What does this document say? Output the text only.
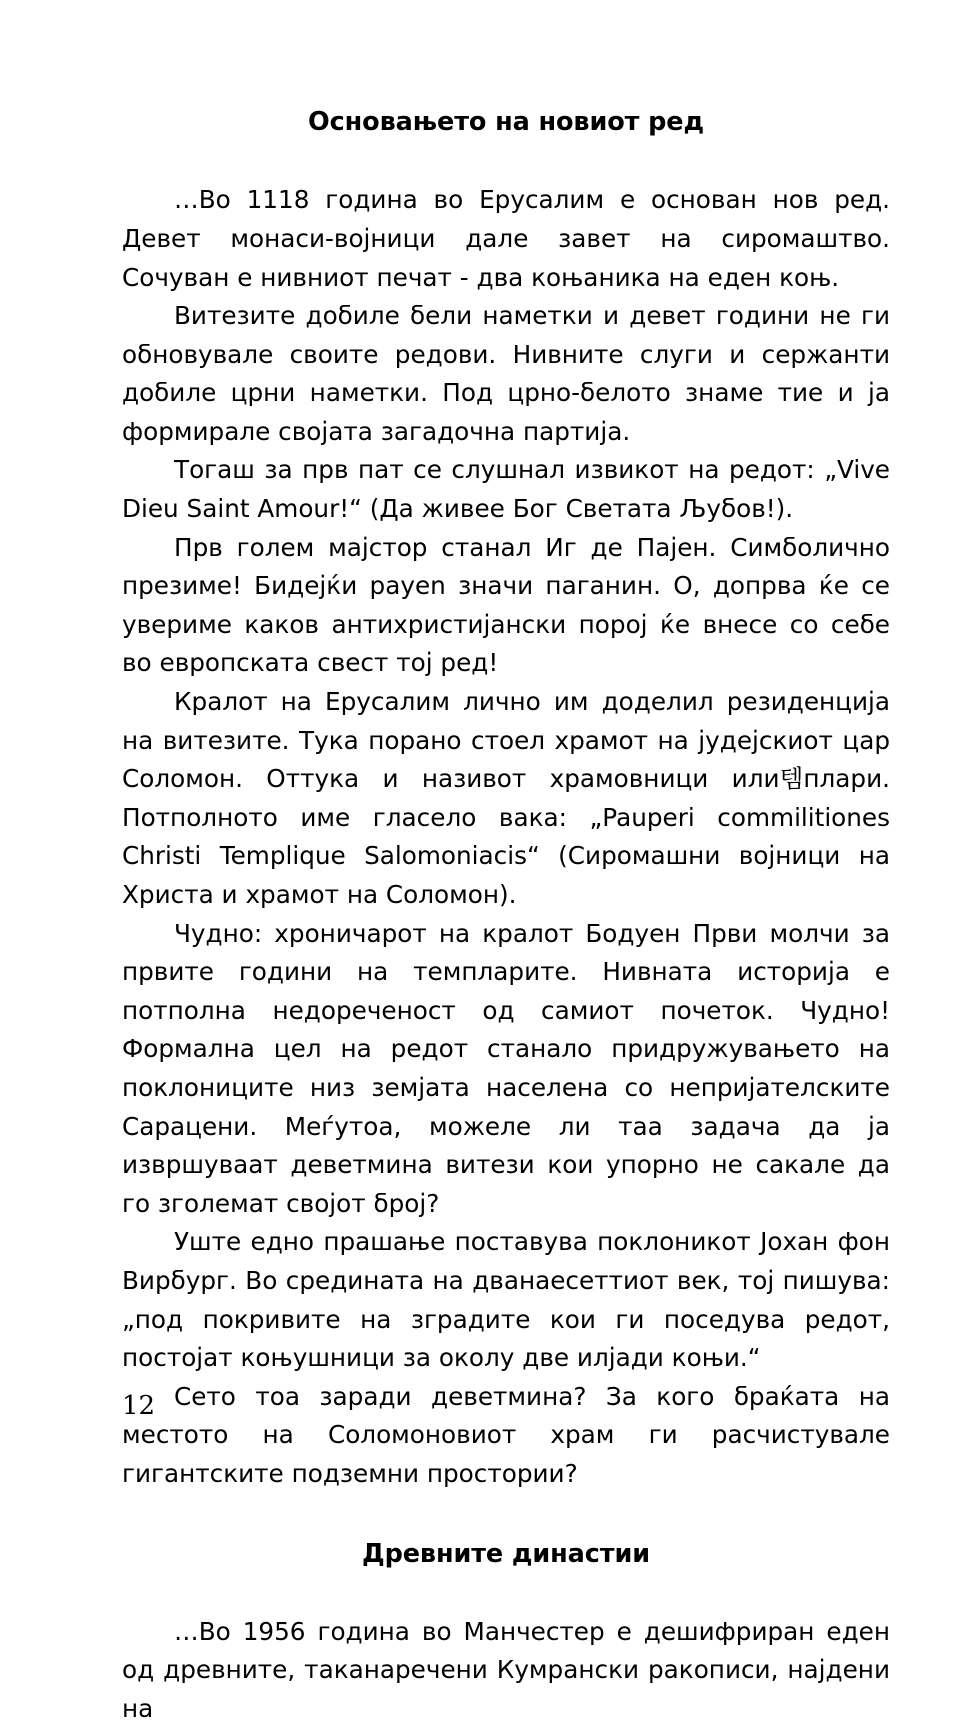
Основањето на новиот ред

…Во 1118 година во Ерусалим е основан нов ред. Девет монаси-војници дале завет на сиромаштво. Сочуван е нивниот печат - два коњаника на еден коњ.

Витезите добиле бели наметки и девет години не ги обновувале своите редови. Нивните слуги и сержанти добиле црни наметки. Под црно-белото знаме тие и ја формирале својата загадочна партија.

Тогаш за прв пат се слушнал извикот на редот: „Vive Dieu Saint Amour!“ (Да живее Бог Светата Љубов!).

Прв голем мајстор станал Иг де Пајен. Симболично презиме! Бидејќи payen значи паганин. О, допрва ќе се увериме каков антихристијански порој ќе внесе со себе во европската свест тој ред!

Кралот на Ерусалим лично им доделил резиденција на витезите. Тука порано стоел храмот на јудејскиот цар Соломон. Оттука и називот храмовници или템плари. Потполното име гласело вака: „Pauperi commilitiones Christi Templique Salomoniacis“ (Сиромашни војници на Христа и храмот на Соломон).

Чудно: хроничарот на кралот Бодуен Први молчи за првите години на темпларите. Нивната историја е потполна недореченост од самиот почеток. Чудно! Формална цел на редот станало придружувањето на поклониците низ земјата населена со непријателските Сарацени. Меѓутоа, можеле ли таа задача да ја извршуваат деветмина витези кои упорно не сакале да го зголемат својот број?

Уште едно прашање поставува поклоникот Јохан фон Вирбург. Во средината на дванаесеттиот век, тој пишува: „под покривите на зградите кои ги поседува редот, постојат коњушници за околу две илјади коњи.“

Сето тоа заради деветмина? За кого браќата на местото на Соломоновиот храм ги расчистувале гигантските подземни простории?

Древните династии

…Во 1956 година во Манчестер е дешифриран еден од древните, таканаречени Кумрански ракописи, најдени на

12
